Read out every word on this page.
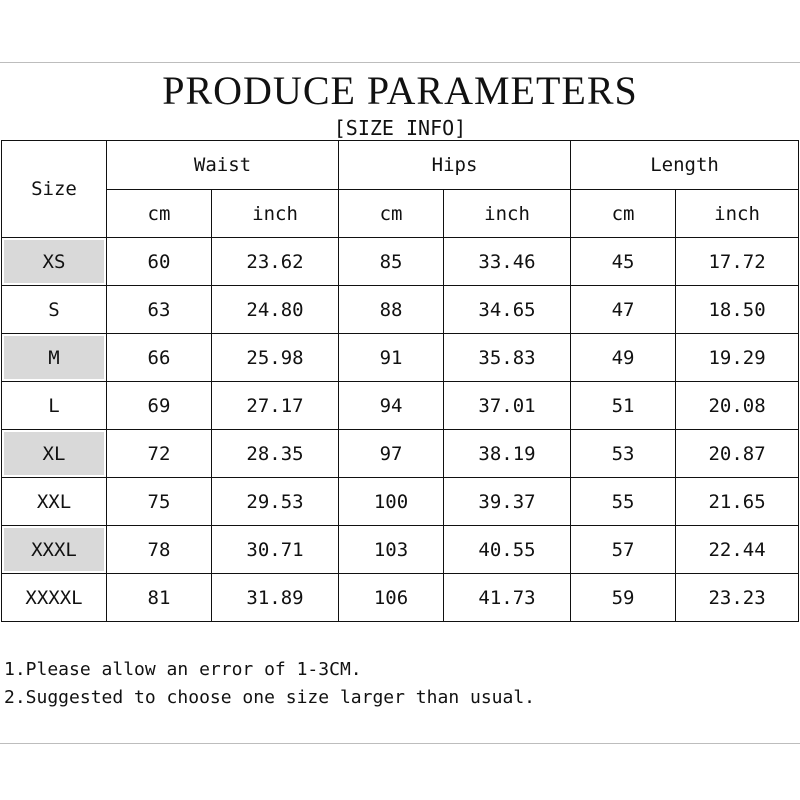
PRODUCE PARAMETERS
[SIZE INFO]
Size	Waist		Hips		Length	
	cm	inch	cm	inch	cm	inch
XS	60	23.62	85	33.46	45	17.72
S	63	24.80	88	34.65	47	18.50
M	66	25.98	91	35.83	49	19.29
L	69	27.17	94	37.01	51	20.08
XL	72	28.35	97	38.19	53	20.87
XXL	75	29.53	100	39.37	55	21.65
XXXL	78	30.71	103	40.55	57	22.44
XXXXL	81	31.89	106	41.73	59	23.23
1.Please allow an error of 1-3CM.
2.Suggested to choose one size larger than usual.
